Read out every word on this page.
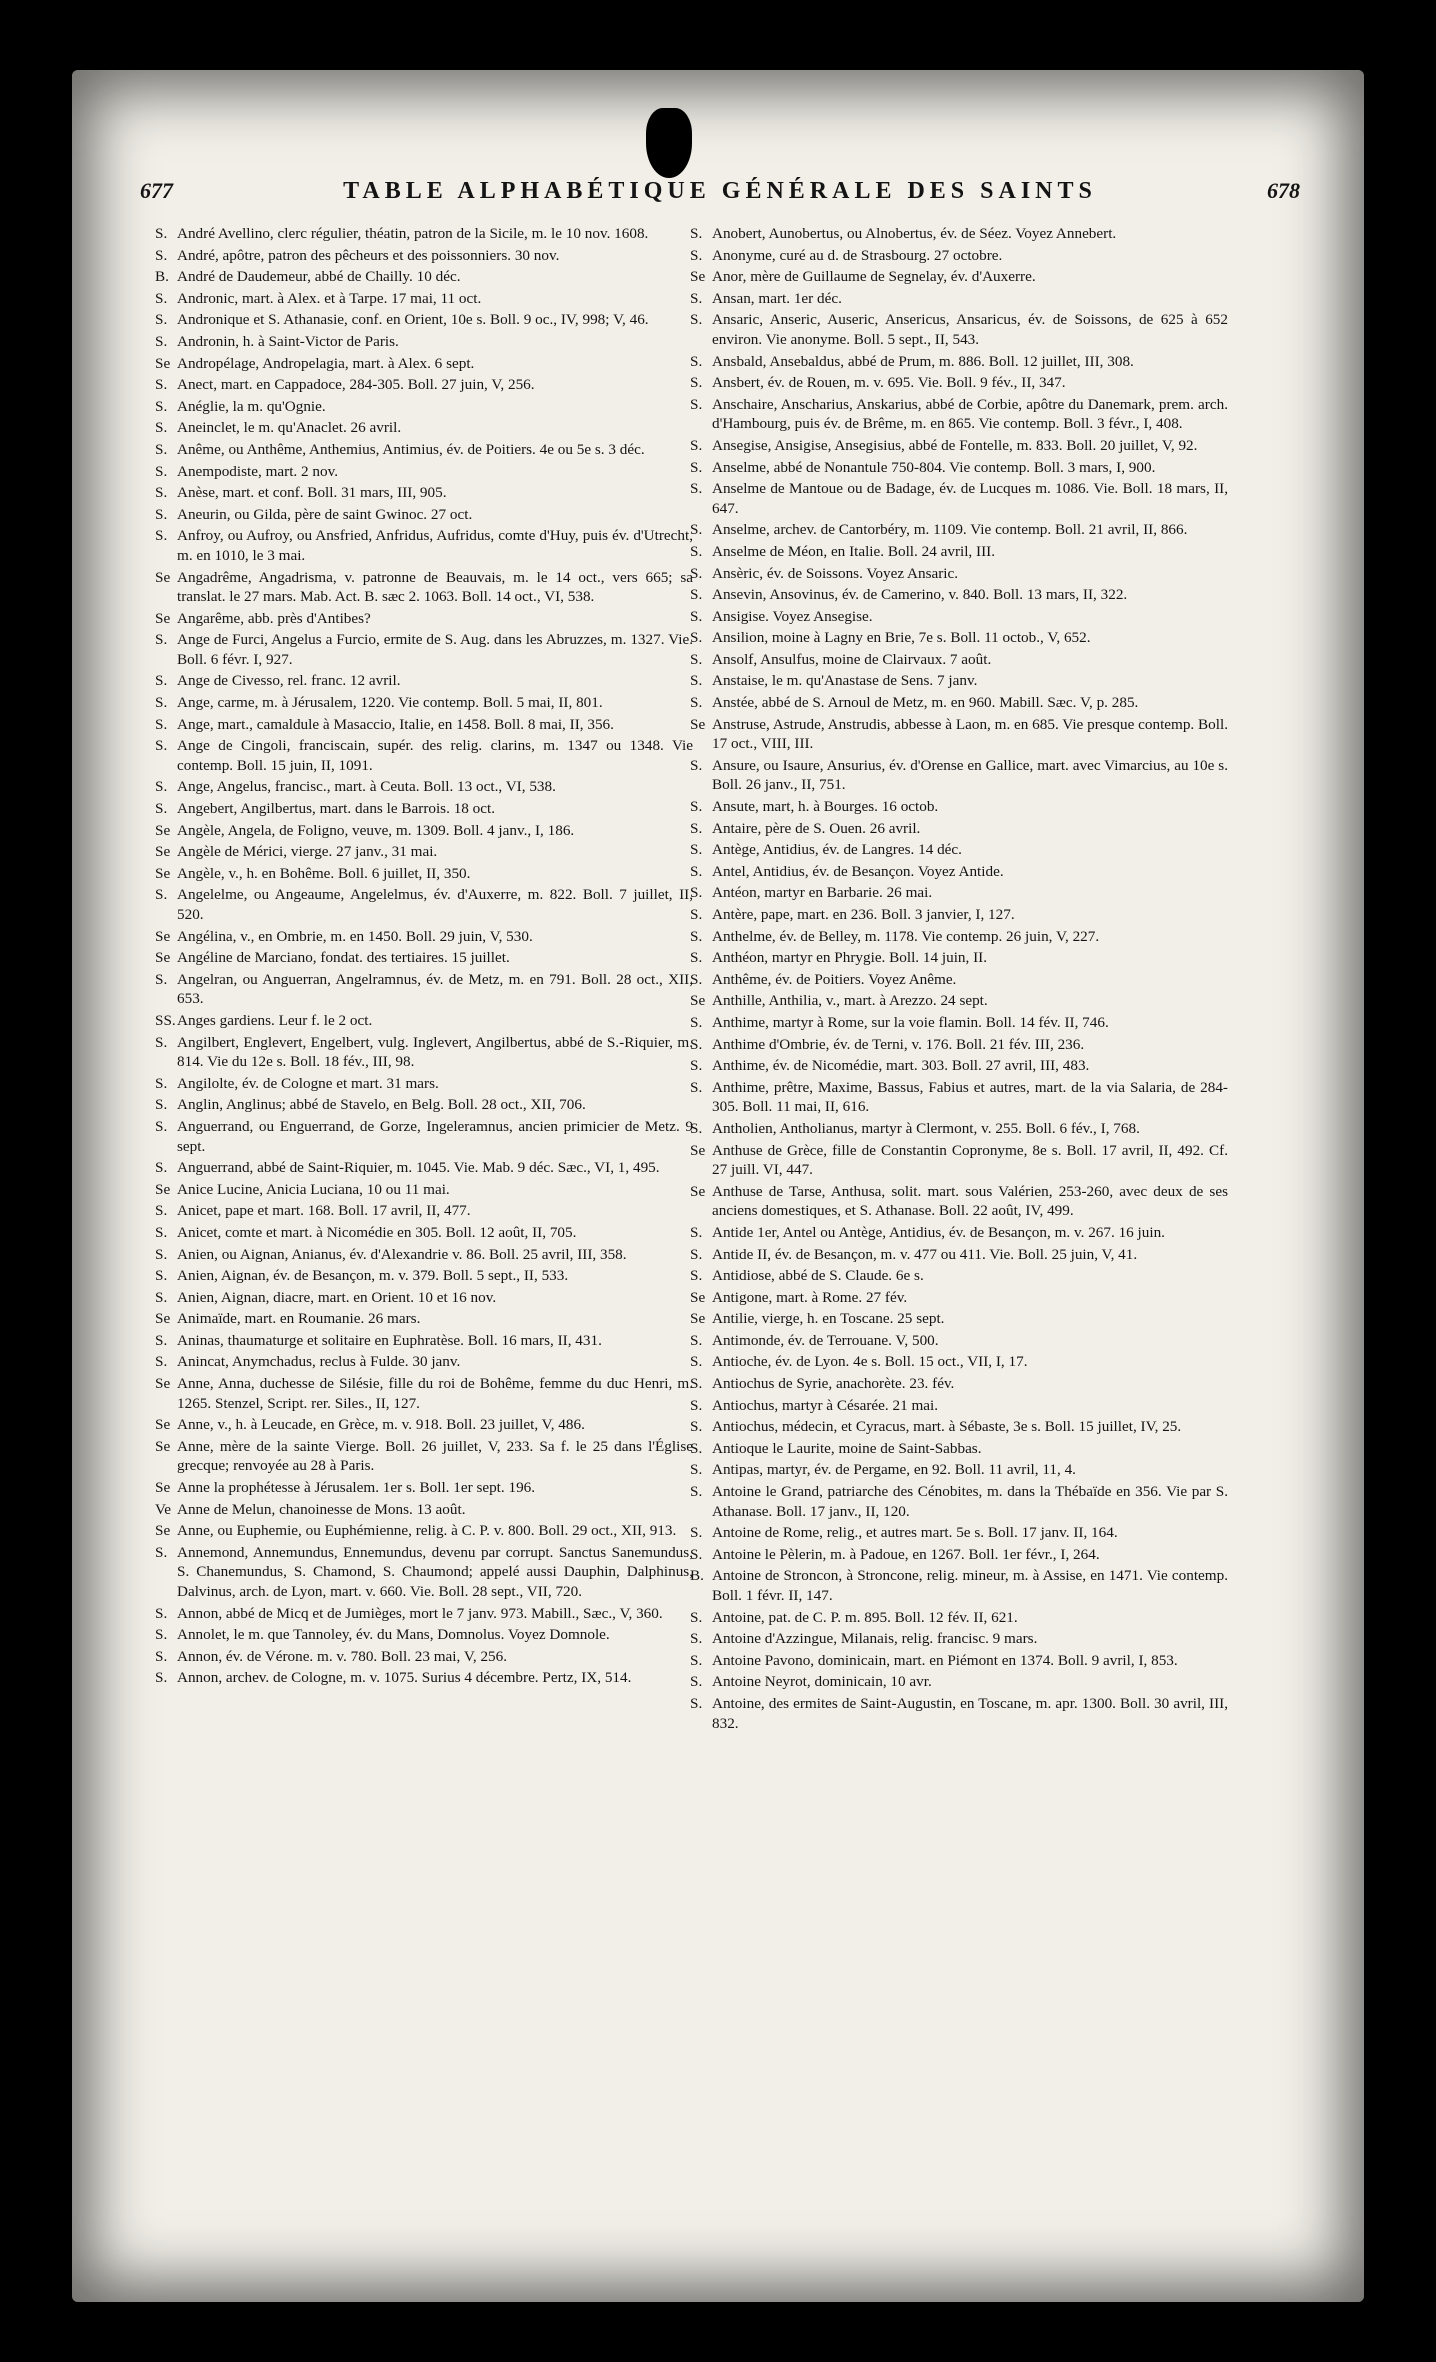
677	TABLE ALPHABÉTIQUE GÉNÉRALE DES SAINTS	678
S. André Avellino, clerc régulier, théatin, patron de la Sicile, m. le 10 nov. 1608.
S. André, apôtre, patron des pêcheurs et des poissonniers. 30 nov.
B. André de Daudemeur, abbé de Chailly. 10 déc.
S. Andronic, mart. à Alex. et à Tarpe. 17 mai, 11 oct.
S. Andronique et S. Athanasie, conf. en Orient, 10e s. Boll. 9 oc., IV, 998; V, 46.
S. Andronin, h. à Saint-Victor de Paris.
Se Andropélage, Andropelagia, mart. à Alex. 6 sept.
S. Anect, mart. en Cappadoce, 284-305. Boll. 27 juin, V, 256.
S. Anéglie, la m. qu'Ognie.
S. Aneinclet, le m. qu'Anaclet. 26 avril.
S. Anême, ou Anthême, Anthemius, Antimius, év. de Poitiers. 4e ou 5e s. 3 déc.
S. Anempodiste, mart. 2 nov.
S. Anèse, mart. et conf. Boll. 31 mars, III, 905.
S. Aneurin, ou Gilda, père de saint Gwinoc. 27 oct.
S. Anfroy, ou Aufroy, ou Ansfried, Anfridus, Aufridus, comte d'Huy, puis év. d'Utrecht, m. en 1010, le 3 mai.
Se Angadrême, Angadrisma, v. patronne de Beauvais, m. le 14 oct., vers 665; sa translat. le 27 mars. Mab. Act. B. sæc 2. 1063. Boll. 14 oct., VI, 538.
Se Angarême, abb. près d'Antibes?
S. Ange de Furci, Angelus a Furcio, ermite de S. Aug. dans les Abruzzes, m. 1327. Vie. Boll. 6 févr. I, 927.
S. Ange de Civesso, rel. franc. 12 avril.
S. Ange, carme, m. à Jérusalem, 1220. Vie contemp. Boll. 5 mai, II, 801.
S. Ange, mart., camaldule à Masaccio, Italie, en 1458. Boll. 8 mai, II, 356.
S. Ange de Cingoli, franciscain, supér. des relig. clarins, m. 1347 ou 1348. Vie contemp. Boll. 15 juin, II, 1091.
S. Ange, Angelus, francisc., mart. à Ceuta. Boll. 13 oct., VI, 538.
S. Angebert, Angilbertus, mart. dans le Barrois. 18 oct.
Se Angèle, Angela, de Foligno, veuve, m. 1309. Boll. 4 janv., I, 186.
Se Angèle de Mérici, vierge. 27 janv., 31 mai.
Se Angèle, v., h. en Bohême. Boll. 6 juillet, II, 350.
S. Angelelme, ou Angeaume, Angelelmus, év. d'Auxerre, m. 822. Boll. 7 juillet, II, 520.
Se Angélina, v., en Ombrie, m. en 1450. Boll. 29 juin, V, 530.
Se Angéline de Marciano, fondat. des tertiaires. 15 juillet.
S. Angelran, ou Anguerran, Angelramnus, év. de Metz, m. en 791. Boll. 28 oct., XII, 653.
SS.Anges gardiens. Leur f. le 2 oct.
S. Angilbert, Englevert, Engelbert, vulg. Inglevert, Angilbertus, abbé de S.-Riquier, m. 814. Vie du 12e s. Boll. 18 fév., III, 98.
S. Angilolte, év. de Cologne et mart. 31 mars.
S. Anglin, Anglinus; abbé de Stavelo, en Belg. Boll. 28 oct., XII, 706.
S. Anguerrand, ou Enguerrand, de Gorze, Ingeleramnus, ancien primicier de Metz. 9 sept.
S. Anguerrand, abbé de Saint-Riquier, m. 1045. Vie. Mab. 9 déc. Sæc., VI, 1, 495.
Se Anice Lucine, Anicia Luciana, 10 ou 11 mai.
S. Anicet, pape et mart. 168. Boll. 17 avril, II, 477.
S. Anicet, comte et mart. à Nicomédie en 305. Boll. 12 août, II, 705.
S. Anien, ou Aignan, Anianus, év. d'Alexandrie v. 86. Boll. 25 avril, III, 358.
S. Anien, Aignan, év. de Besançon, m. v. 379. Boll. 5 sept., II, 533.
S. Anien, Aignan, diacre, mart. en Orient. 10 et 16 nov.
Se Animaïde, mart. en Roumanie. 26 mars.
S. Aninas, thaumaturge et solitaire en Euphratèse. Boll. 16 mars, II, 431.
S. Anincat, Anymchadus, reclus à Fulde. 30 janv.
Se Anne, Anna, duchesse de Silésie, fille du roi de Bohême, femme du duc Henri, m. 1265. Stenzel, Script. rer. Siles., II, 127.
Se Anne, v., h. à Leucade, en Grèce, m. v. 918. Boll. 23 juillet, V, 486.
Se Anne, mère de la sainte Vierge. Boll. 26 juillet, V, 233. Sa f. le 25 dans l'Église grecque; renvoyée au 28 à Paris.
Se Anne la prophétesse à Jérusalem. 1er s. Boll. 1er sept. 196.
Ve Anne de Melun, chanoinesse de Mons. 13 août.
Se Anne, ou Euphemie, ou Euphémienne, relig. à C. P. v. 800. Boll. 29 oct., XII, 913.
S. Annemond, Annemundus, Ennemundus, devenu par corrupt. Sanctus Sanemundus, S. Chanemundus, S. Chamond, S. Chaumond; appelé aussi Dauphin, Dalphinus, Dalvinus, arch. de Lyon, mart. v. 660. Vie. Boll. 28 sept., VII, 720.
S. Annon, abbé de Micq et de Jumièges, mort le 7 janv. 973. Mabill., Sæc., V, 360.
S. Annolet, le m. que Tannoley, év. du Mans, Domnolus. Voyez Domnole.
S. Annon, év. de Vérone. m. v. 780. Boll. 23 mai, V, 256.
S. Annon, archev. de Cologne, m. v. 1075. Surius 4 décembre. Pertz, IX, 514.
S. Anobert, Aunobertus, ou Alnobertus, év. de Séez. Voyez Annebert.
S. Anonyme, curé au d. de Strasbourg. 27 octobre.
Se Anor, mère de Guillaume de Segnelay, év. d'Auxerre.
S. Ansan, mart. 1er déc.
S. Ansaric, Anseric, Auseric, Ansericus, Ansaricus, év. de Soissons, de 625 à 652 environ. Vie anonyme. Boll. 5 sept., II, 543.
S. Ansbald, Ansebaldus, abbé de Prum, m. 886. Boll. 12 juillet, III, 308.
S. Ansbert, év. de Rouen, m. v. 695. Vie. Boll. 9 fév., II, 347.
S. Anschaire, Anscharius, Anskarius, abbé de Corbie, apôtre du Danemark, prem. arch. d'Hambourg, puis év. de Brême, m. en 865. Vie contemp. Boll. 3 févr., I, 408.
S. Ansegise, Ansigise, Ansegisius, abbé de Fontelle, m. 833. Boll. 20 juillet, V, 92.
S. Anselme, abbé de Nonantule 750-804. Vie contemp. Boll. 3 mars, I, 900.
S. Anselme de Mantoue ou de Badage, év. de Lucques m. 1086. Vie. Boll. 18 mars, II, 647.
S. Anselme, archev. de Cantorbéry, m. 1109. Vie contemp. Boll. 21 avril, II, 866.
S. Anselme de Méon, en Italie. Boll. 24 avril, III.
S. Ansèric, év. de Soissons. Voyez Ansaric.
S. Ansevin, Ansovinus, év. de Camerino, v. 840. Boll. 13 mars, II, 322.
S. Ansigise. Voyez Ansegise.
S. Ansilion, moine à Lagny en Brie, 7e s. Boll. 11 octob., V, 652.
S. Ansolf, Ansulfus, moine de Clairvaux. 7 août.
S. Anstaise, le m. qu'Anastase de Sens. 7 janv.
S. Anstée, abbé de S. Arnoul de Metz, m. en 960. Mabill. Sæc. V, p. 285.
Se Anstruse, Astrude, Anstrudis, abbesse à Laon, m. en 685. Vie presque contemp. Boll. 17 oct., VIII, III.
S. Ansure, ou Isaure, Ansurius, év. d'Orense en Gallice, mart. avec Vimarcius, au 10e s. Boll. 26 janv., II, 751.
S. Ansute, mart, h. à Bourges. 16 octob.
S. Antaire, père de S. Ouen. 26 avril.
S. Antège, Antidius, év. de Langres. 14 déc.
S. Antel, Antidius, év. de Besançon. Voyez Antide.
S. Antéon, martyr en Barbarie. 26 mai.
S. Antère, pape, mart. en 236. Boll. 3 janvier, I, 127.
S. Anthelme, év. de Belley, m. 1178. Vie contemp. 26 juin, V, 227.
S. Anthéon, martyr en Phrygie. Boll. 14 juin, II.
S. Anthême, év. de Poitiers. Voyez Anême.
Se Anthille, Anthilia, v., mart. à Arezzo. 24 sept.
S. Anthime, martyr à Rome, sur la voie flamin. Boll. 14 fév. II, 746.
S. Anthime d'Ombrie, év. de Terni, v. 176. Boll. 21 fév. III, 236.
S. Anthime, év. de Nicomédie, mart. 303. Boll. 27 avril, III, 483.
S. Anthime, prêtre, Maxime, Bassus, Fabius et autres, mart. de la via Salaria, de 284-305. Boll. 11 mai, II, 616.
S. Antholien, Antholianus, martyr à Clermont, v. 255. Boll. 6 fév., I, 768.
Se Anthuse de Grèce, fille de Constantin Copronyme, 8e s. Boll. 17 avril, II, 492. Cf. 27 juill. VI, 447.
Se Anthuse de Tarse, Anthusa, solit. mart. sous Valérien, 253-260, avec deux de ses anciens domestiques, et S. Athanase. Boll. 22 août, IV, 499.
S. Antide 1er, Antel ou Antège, Antidius, év. de Besançon, m. v. 267. 16 juin.
S. Antide II, év. de Besançon, m. v. 477 ou 411. Vie. Boll. 25 juin, V, 41.
S. Antidiose, abbé de S. Claude. 6e s.
Se Antigone, mart. à Rome. 27 fév.
Se Antilie, vierge, h. en Toscane. 25 sept.
S. Antimonde, év. de Terrouane. V, 500.
S. Antioche, év. de Lyon. 4e s. Boll. 15 oct., VII, I, 17.
S. Antiochus de Syrie, anachorète. 23. fév.
S. Antiochus, martyr à Césarée. 21 mai.
S. Antiochus, médecin, et Cyracus, mart. à Sébaste, 3e s. Boll. 15 juillet, IV, 25.
S. Antioque le Laurite, moine de Saint-Sabbas.
S. Antipas, martyr, év. de Pergame, en 92. Boll. 11 avril, 11, 4.
S. Antoine le Grand, patriarche des Cénobites, m. dans la Thébaïde en 356. Vie par S. Athanase. Boll. 17 janv., II, 120.
S. Antoine de Rome, relig., et autres mart. 5e s. Boll. 17 janv. II, 164.
S. Antoine le Pèlerin, m. à Padoue, en 1267. Boll. 1er févr., I, 264.
B. Antoine de Stroncon, à Stroncone, relig. mineur, m. à Assise, en 1471. Vie contemp. Boll. 1 févr. II, 147.
S. Antoine, pat. de C. P. m. 895. Boll. 12 fév. II, 621.
S. Antoine d'Azzingue, Milanais, relig. francisc. 9 mars.
S. Antoine Pavono, dominicain, mart. en Piémont en 1374. Boll. 9 avril, I, 853.
S. Antoine Neyrot, dominicain, 10 avr.
S. Antoine, des ermites de Saint-Augustin, en Toscane, m. apr. 1300. Boll. 30 avril, III, 832.
